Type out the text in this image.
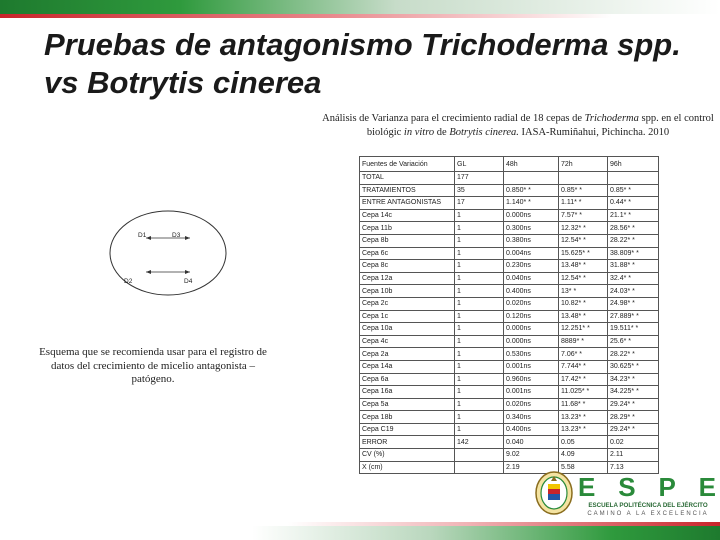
Pruebas de antagonismo Trichoderma spp. vs Botrytis cinerea

Análisis de Varianza para el crecimiento radial de 18 cepas de Trichoderma spp. en el control biológic in vitro de Botrytis cinerea. IASA-Rumiñahui, Pichincha. 2010

D1	D3
D2	D4

Esquema que se recomienda usar para el registro de datos del crecimiento de micelio antagonista – patógeno.

Fuentes de Variación	GL	48h	72h	96h
TOTAL	177			
TRATAMIENTOS	35	0.850* *	0.85* *	0.85* *
ENTRE ANTAGONISTAS	17	1.140* *	1.11* *	0.44* *
Cepa 14c	1	0.000ns	7.57* *	21.1* *
Cepa 11b	1	0.300ns	12.32* *	28.56* *
Cepa 8b	1	0.380ns	12.54* *	28.22* *
Cepa 6c	1	0.004ns	15.625* *	38.809* *
Cepa 8c	1	0.230ns	13.48* *	31.88* *
Cepa 12a	1	0.040ns	12.54* *	32.4* *
Cepa 10b	1	0.400ns	13* *	24.03* *
Cepa 2c	1	0.020ns	10.82* *	24.98* *
Cepa 1c	1	0.120ns	13.48* *	27.889* *
Cepa 10a	1	0.000ns	12.251* *	19.511* *
Cepa 4c	1	0.000ns	8889* *	25.6* *
Cepa 2a	1	0.530ns	7.06* *	28.22* *
Cepa 14a	1	0.001ns	7.744* *	30.625* *
Cepa 6a	1	0.960ns	17.42* *	34.23* *
Cepa 16a	1	0.001ns	11.025* *	34.225* *
Cepa 5a	1	0.020ns	11.68* *	29.24* *
Cepa 18b	1	0.340ns	13.23* *	28.29* *
Cepa C19	1	0.400ns	13.23* *	29.24* *
ERROR	142	0.040	0.05	0.02
CV (%)		9.02	4.09	2.11
X (cm)		2.19	5.58	7.13
E S P E
ESCUELA POLITÉCNICA DEL EJÉRCITO
CAMINO A LA EXCELENCIA
